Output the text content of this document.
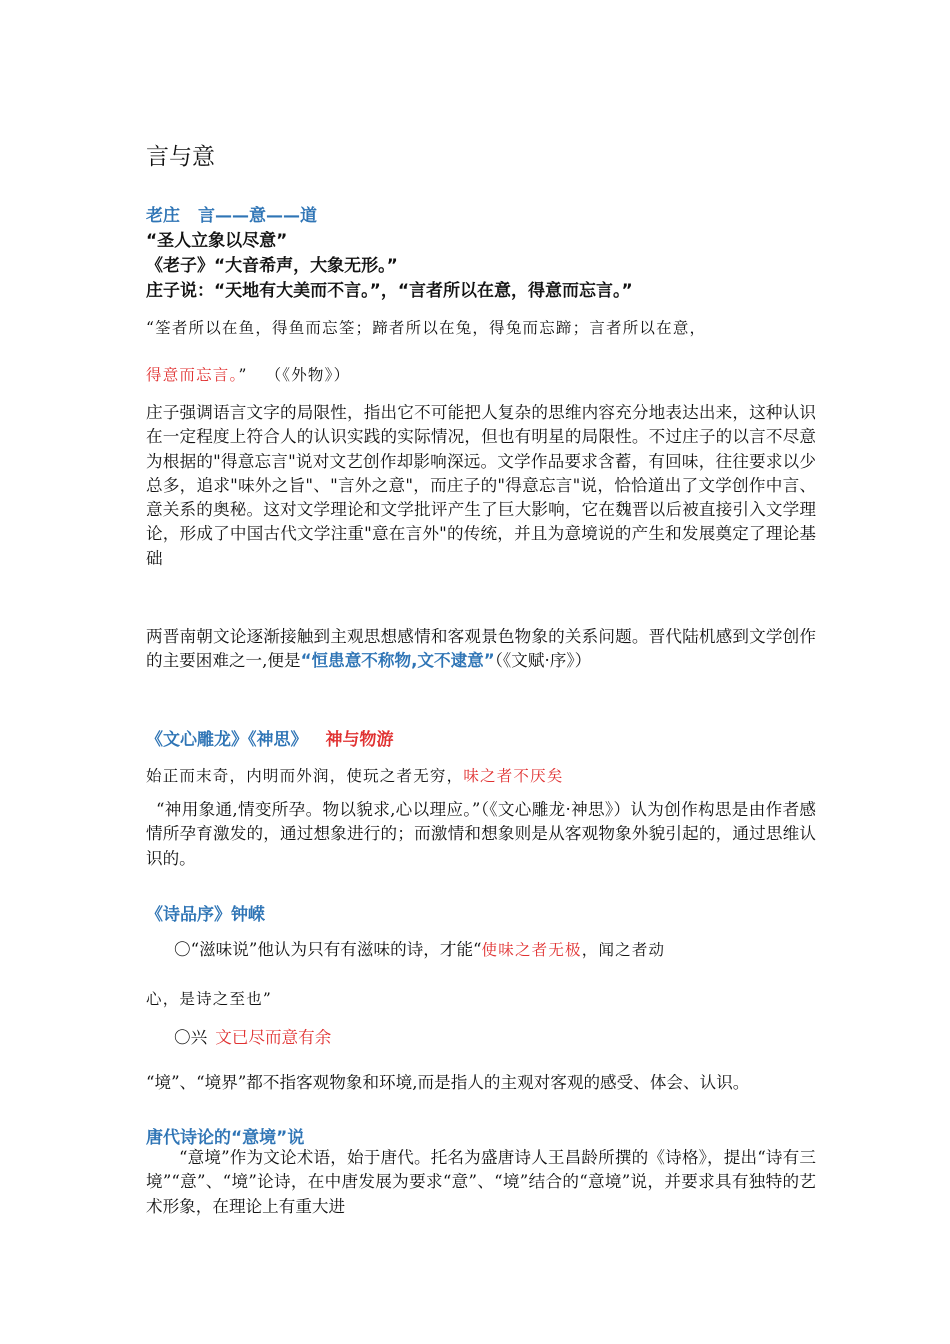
言与意
老庄 言——意——道
“圣人立象以尽意”
《老子》“大音希声，大象无形。”
庄子说：“天地有大美而不言。”，“言者所以在意，得意而忘言。”
“筌者所以在鱼，得鱼而忘筌；蹄者所以在兔，得兔而忘蹄；言者所以在意，
得意而忘言。” （《外物》）

庄子强调语言文字的局限性，指出它不可能把人复杂的思维内容充分地表达出来，这种认识在一定程度上符合人的认识实践的实际情况，但也有明星的局限性。不过庄子的以言不尽意为根据的"得意忘言"说对文艺创作却影响深远。文学作品要求含蓄，有回味，往往要求以少总多，追求"味外之旨"、"言外之意"，而庄子的"得意忘言"说，恰恰道出了文学创作中言、意关系的奥秘。这对文学理论和文学批评产生了巨大影响，它在魏晋以后被直接引入文学理论，形成了中国古代文学注重"意在言外"的传统，并且为意境说的产生和发展奠定了理论基础

两晋南朝文论逐渐接触到主观思想感情和客观景色物象的关系问题。晋代陆机感到文学创作的主要困难之一,便是“恒患意不称物,文不逮意”（《文赋·序》）

《文心雕龙》《神思》 神与物游
始正而末奇，内明而外润，使玩之者无穷，味之者不厌矣

“神用象通,情变所孕。物以貌求,心以理应。”（《文心雕龙·神思》）认为创作构思是由作者感情所孕育激发的，通过想象进行的；而激情和想象则是从客观物象外貌引起的，通过思维认识的。

《诗品序》钟嵘
〇“滋味说”他认为只有有滋味的诗，才能“使味之者无极，闻之者动
心，是诗之至也”
〇兴 文已尽而意有余

“境”、“境界”都不指客观物象和环境,而是指人的主观对客观的感受、体会、认识。

唐代诗论的“意境”说

“意境”作为文论术语，始于唐代。托名为盛唐诗人王昌龄所撰的《诗格》，提出“诗有三境”“意”、“境”论诗，在中唐发展为要求“意”、“境”结合的“意境”说，并要求具有独特的艺术形象，在理论上有重大进
